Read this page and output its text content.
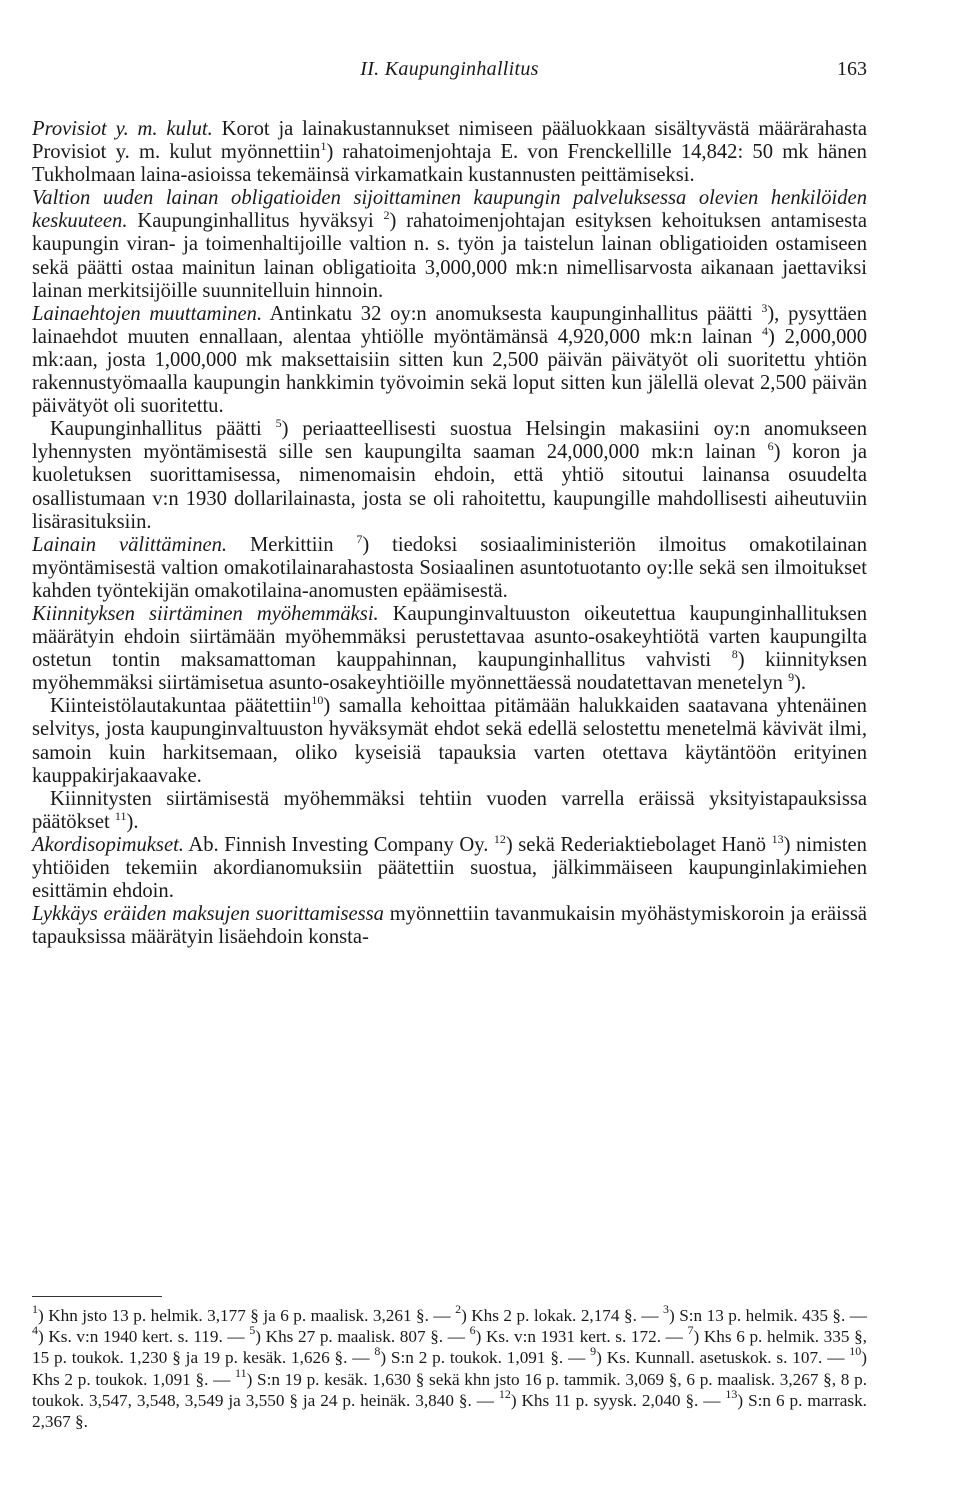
II. Kaupunginhallitus	163

Provisiot y. m. kulut. Korot ja lainakustannukset nimiseen pääluokkaan sisältyvästä määrärahasta Provisiot y. m. kulut myönnettiin$^1$) rahatoimenjohtaja E. von Frenckellille 14,842: 50 mk hänen Tukholmaan laina-asioissa tekemäinsä virkamatkain kustannusten peittämiseksi.

Valtion uuden lainan obligatioiden sijoittaminen kaupungin palveluksessa olevien henkilöiden keskuuteen. Kaupunginhallitus hyväksyi $^2$) rahatoimenjohtajan esityksen kehoituksen antamisesta kaupungin viran- ja toimenhaltijoille valtion n. s. työn ja taistelun lainan obligatioiden ostamiseen sekä päätti ostaa mainitun lainan obligatioita 3,000,000 mk:n nimellisarvosta aikanaan jaettaviksi lainan merkitsijöille suunnitelluin hinnoin.

Lainaehtojen muuttaminen. Antinkatu 32 oy:n anomuksesta kaupunginhallitus päätti $^3$), pysyttäen lainaehdot muuten ennallaan, alentaa yhtiölle myöntämänsä 4,920,000 mk:n lainan $^4$) 2,000,000 mk:aan, josta 1,000,000 mk maksettaisiin sitten kun 2,500 päivän päivätyöt oli suoritettu yhtiön rakennustyömaalla kaupungin hankkimin työvoimin sekä loput sitten kun jälellä olevat 2,500 päivän päivätyöt oli suoritettu.

Kaupunginhallitus päätti $^5$) periaatteellisesti suostua Helsingin makasiini oy:n anomukseen lyhennysten myöntämisestä sille sen kaupungilta saaman 24,000,000 mk:n lainan $^6$) koron ja kuoletuksen suorittamisessa, nimenomaisin ehdoin, että yhtiö sitoutui lainansa osuudelta osallistumaan v:n 1930 dollarilainasta, josta se oli rahoitettu, kaupungille mahdollisesti aiheutuviin lisärasituksiin.

Lainain välittäminen. Merkittiin $^7$) tiedoksi sosiaaliministeriön ilmoitus omakotilainan myöntämisestä valtion omakotilainarahastosta Sosiaalinen asuntotuotanto oy:lle sekä sen ilmoitukset kahden työntekijän omakotilaina-anomusten epäämisestä.

Kiinnityksen siirtäminen myöhemmäksi. Kaupunginvaltuuston oikeutettua kaupunginhallituksen määrätyin ehdoin siirtämään myöhemmäksi perustettavaa asunto-osakeyhtiötä varten kaupungilta ostetun tontin maksamattoman kauppahinnan, kaupunginhallitus vahvisti $^8$) kiinnityksen myöhemmäksi siirtämisetua asunto-osakeyhtiöille myönnettäessä noudatettavan menetelyn $^9$).

Kiinteistölautakuntaa päätettiin$^{10}$) samalla kehoittaa pitämään halukkaiden saatavana yhtenäinen selvitys, josta kaupunginvaltuuston hyväksymät ehdot sekä edellä selostettu menetelmä kävivät ilmi, samoin kuin harkitsemaan, oliko kyseisiä tapauksia varten otettava käytäntöön erityinen kauppakirjakaavake.

Kiinnitysten siirtämisestä myöhemmäksi tehtiin vuoden varrella eräissä yksityistapauksissa päätökset $^{11}$).

Akordisopimukset. Ab. Finnish Investing Company Oy. $^{12}$) sekä Rederiaktiebolaget Hanö $^{13}$) nimisten yhtiöiden tekemiin akordianomuksiin päätettiin suostua, jälkimmäiseen kaupunginlakimiehen esittämin ehdoin.

Lykkäys eräiden maksujen suorittamisessa myönnettiin tavanmukaisin myöhästymiskoroin ja eräissä tapauksissa määrätyin lisäehdoin konsta-

$^1$) Khn jsto 13 p. helmik. 3,177 § ja 6 p. maalisk. 3,261 §. — $^2$) Khs 2 p. lokak. 2,174 §. — $^3$) S:n 13 p. helmik. 435 §. — $^4$) Ks. v:n 1940 kert. s. 119. — $^5$) Khs 27 p. maalisk. 807 §. — $^6$) Ks. v:n 1931 kert. s. 172. — $^7$) Khs 6 p. helmik. 335 §, 15 p. toukok. 1,230 § ja 19 p. kesäk. 1,626 §. — $^8$) S:n 2 p. toukok. 1,091 §. — $^9$) Ks. Kunnall. asetuskok. s. 107. — $^{10}$) Khs 2 p. toukok. 1,091 §. — $^{11}$) S:n 19 p. kesäk. 1,630 § sekä khn jsto 16 p. tammik. 3,069 §, 6 p. maalisk. 3,267 §, 8 p. toukok. 3,547, 3,548, 3,549 ja 3,550 § ja 24 p. heinäk. 3,840 §. — $^{12}$) Khs 11 p. syysk. 2,040 §. — $^{13}$) S:n 6 p. marrask. 2,367 §.
